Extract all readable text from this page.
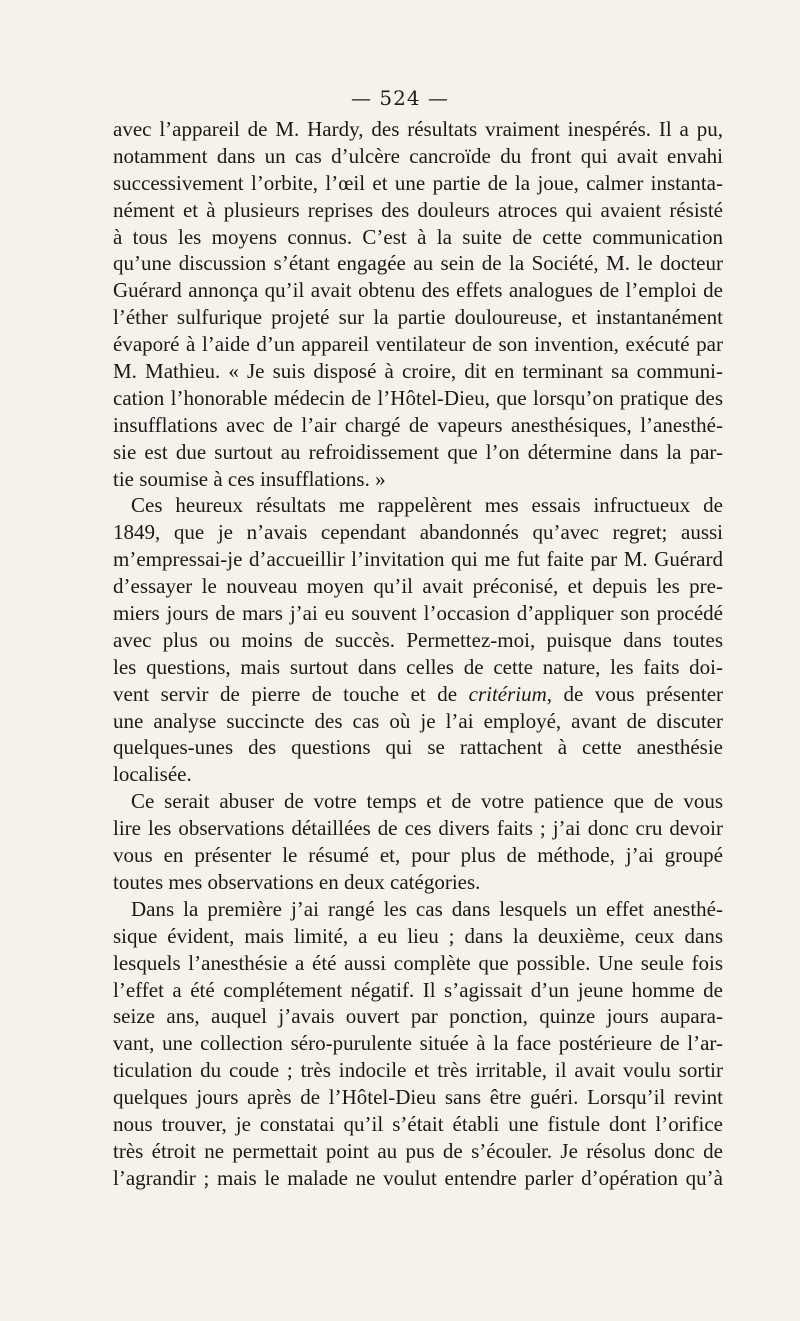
— 524 —
avec l’appareil de M. Hardy, des résultats vraiment inespérés. Il a pu,
notamment dans un cas d’ulcère cancroïde du front qui avait envahi
successivement l’orbite, l’œil et une partie de la joue, calmer instanta-
nément et à plusieurs reprises des douleurs atroces qui avaient résisté
à tous les moyens connus. C’est à la suite de cette communication
qu’une discussion s’étant engagée au sein de la Société, M. le docteur
Guérard annonça qu’il avait obtenu des effets analogues de l’emploi de
l’éther sulfurique projeté sur la partie douloureuse, et instantanément
évaporé à l’aide d’un appareil ventilateur de son invention, exécuté par
M. Mathieu. « Je suis disposé à croire, dit en terminant sa communi-
cation l’honorable médecin de l’Hôtel-Dieu, que lorsqu’on pratique des
insufflations avec de l’air chargé de vapeurs anesthésiques, l’anesthé-
sie est due surtout au refroidissement que l’on détermine dans la par-
tie soumise à ces insufflations. »
Ces heureux résultats me rappelèrent mes essais infructueux de
1849, que je n’avais cependant abandonnés qu’avec regret; aussi
m’empressai-je d’accueillir l’invitation qui me fut faite par M. Guérard
d’essayer le nouveau moyen qu’il avait préconisé, et depuis les pre-
miers jours de mars j’ai eu souvent l’occasion d’appliquer son procédé
avec plus ou moins de succès. Permettez-moi, puisque dans toutes
les questions, mais surtout dans celles de cette nature, les faits doi-
vent servir de pierre de touche et de critérium, de vous présenter
une analyse succincte des cas où je l’ai employé, avant de discuter
quelques-unes des questions qui se rattachent à cette anesthésie
localisée.
Ce serait abuser de votre temps et de votre patience que de vous
lire les observations détaillées de ces divers faits ; j’ai donc cru devoir
vous en présenter le résumé et, pour plus de méthode, j’ai groupé
toutes mes observations en deux catégories.
Dans la première j’ai rangé les cas dans lesquels un effet anesthé-
sique évident, mais limité, a eu lieu ; dans la deuxième, ceux dans
lesquels l’anesthésie a été aussi complète que possible. Une seule fois
l’effet a été complétement négatif. Il s’agissait d’un jeune homme de
seize ans, auquel j’avais ouvert par ponction, quinze jours aupara-
vant, une collection séro-purulente située à la face postérieure de l’ar-
ticulation du coude ; très indocile et très irritable, il avait voulu sortir
quelques jours après de l’Hôtel-Dieu sans être guéri. Lorsqu’il revint
nous trouver, je constatai qu’il s’était établi une fistule dont l’orifice
très étroit ne permettait point au pus de s’écouler. Je résolus donc de
l’agrandir ; mais le malade ne voulut entendre parler d’opération qu’à
